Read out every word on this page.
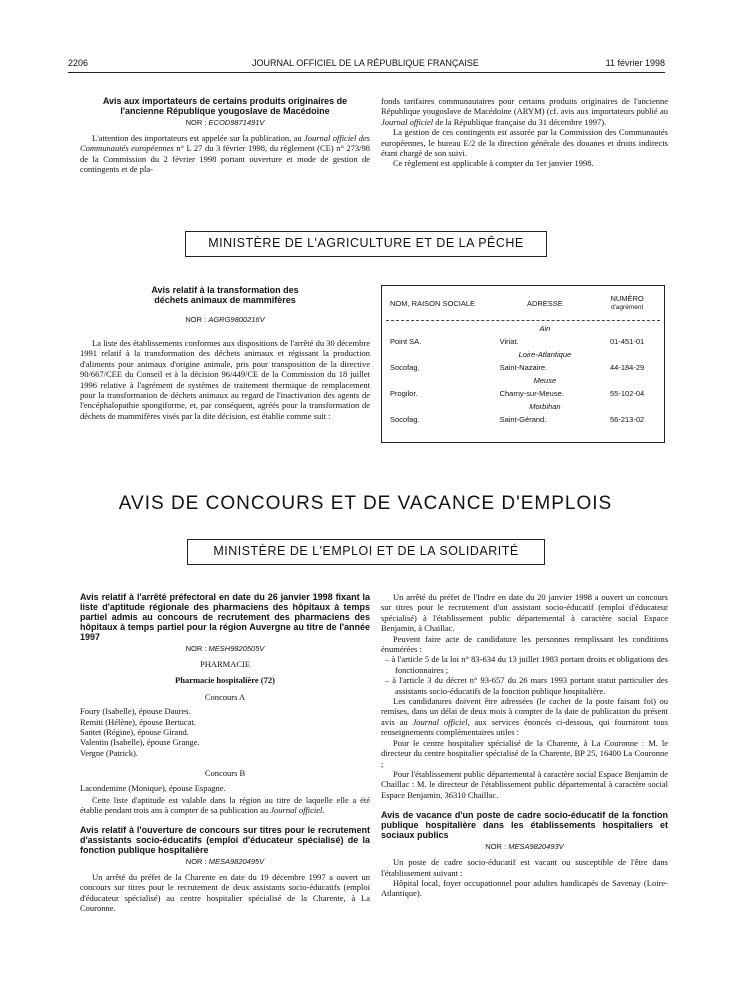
2206	JOURNAL OFFICIEL DE LA RÉPUBLIQUE FRANÇAISE	11 février 1998

Avis aux importateurs de certains produits originaires de l'ancienne République yougoslave de Macédoine

NOR : ECOD9871491V

L'attention des importateurs est appelée sur la publication, au Journal officiel des Communautés européennes n° L 27 du 3 février 1998, du règlement (CE) n° 273/98 de la Commission du 2 février 1998 portant ouverture et mode de gestion de contingents et de pla-

fonds tarifaires communautaires pour certains produits originaires de l'ancienne République yougoslave de Macédoine (ARYM) (cf. avis aux importateurs publié au Journal officiel de la République française du 31 décembre 1997).

La gestion de ces contingents est assurée par la Commission des Communautés européennes, le bureau E/2 de la direction générale des douanes et droits indirects étant chargé de son suivi.

Ce règlement est applicable à compter du 1er janvier 1998.

MINISTÈRE DE L'AGRICULTURE ET DE LA PÊCHE

Avis relatif à la transformation des déchets animaux de mammifères

NOR : AGRG9800216V

La liste des établissements conformes aux dispositions de l'arrêté du 30 décembre 1991 relatif à la transformation des déchets animaux et régissant la production d'aliments pour animaux d'origine animale, pris pour transposition de la directive 90/667/CEE du Conseil et à la décision 96/449/CE de la Commission du 18 juillet 1996 relative à l'agrément de systèmes de traitement thermique de remplacement pour la transformation de déchets animaux au regard de l'inactivation des agents de l'encéphalopathie spongiforme, et, par conséquent, agréés pour la transformation de déchets de mammifères visés par la dite décision, est établie comme suit :

NOM, RAISON SOCIALE	ADRESSE	NUMÉRO
d'agrément

	Ain	
Point SA.	Viriat.	01-451-01
	Loire-Atlantique	
Socofag.	Saint-Nazaire.	44-184-29
	Meuse	
Progilor.	Charny-sur-Meuse.	55-102-04
	Morbihan	
Socofag.	Saint-Gérand.	56-213-02
AVIS DE CONCOURS ET DE VACANCE D'EMPLOIS
MINISTÈRE DE L'EMPLOI ET DE LA SOLIDARITÉ

Avis relatif à l'arrêté préfectoral en date du 26 janvier 1998 fixant la liste d'aptitude régionale des pharmaciens des hôpitaux à temps partiel admis au concours de recrutement des pharmaciens des hôpitaux à temps partiel pour la région Auvergne au titre de l'année 1997

NOR : MESH9820505V

PHARMACIE

Pharmacie hospitalière (72)

Concours A

Foury (Isabelle), épouse Daures.

Remiti (Hélène), épouse Bertucat.

Santet (Régine), épouse Girand.

Valentin (Isabelle), épouse Grange.

Vergne (Patrick).

Concours B

Lacondemine (Monique), épouse Espagne.

Cette liste d'aptitude est valable dans la région au titre de laquelle elle a été établie pendant trois ans à compter de sa publication au Journal officiel.

Avis relatif à l'ouverture de concours sur titres pour le recrutement d'assistants socio-éducatifs (emploi d'éducateur spécialisé) de la fonction publique hospitalière

NOR : MESA9820495V

Un arrêté du préfet de la Charente en date du 19 décembre 1997 a ouvert un concours sur titres pour le recrutement de deux assistants socio-éducatifs (emploi d'éducateur spécialisé) au centre hospitalier spécialisé de la Charente, à La Couronne.

Un arrêté du préfet de l'Indre en date du 20 janvier 1998 a ouvert un concours sur titres pour le recrutement d'un assistant socio-éducatif (emploi d'éducateur spécialisé) à l'établissement public départemental à caractère social Espace Benjamin, à Chaillac.

Peuvent faire acte de candidature les personnes remplissant les conditions énumérées :

– à l'article 5 de la loi n° 83-634 du 13 juillet 1983 portant droits et obligations des fonctionnaires ;

– à l'article 3 du décret n° 93-657 du 26 mars 1993 portant statut particulier des assistants socio-éducatifs de la fonction publique hospitalière.

Les candidatures doivent être adressées (le cachet de la poste faisant foi) ou remises, dans un délai de deux mois à compter de la date de publication du présent avis au Journal officiel, aux services énoncés ci-dessous, qui fourniront tous renseignements complémentaires utiles :

Pour le centre hospitalier spécialisé de la Charente, à La Couronne : M. le directeur du centre hospitalier spécialisé de la Charente, BP 25, 16400 La Couronne ;

Pour l'établissement public départemental à caractère social Espace Benjamin de Chaillac : M. le directeur de l'établissement public départemental à caractère social Espace Benjamin, 36310 Chaillac.

Avis de vacance d'un poste de cadre socio-éducatif de la fonction publique hospitalière dans les établissements hospitaliers et sociaux publics

NOR : MESA9820493V

Un poste de cadre socio-éducatif est vacant ou susceptible de l'être dans l'établissement suivant :

Hôpital local, foyer occupationnel pour adultes handicapés de Savenay (Loire-Atlantique).
